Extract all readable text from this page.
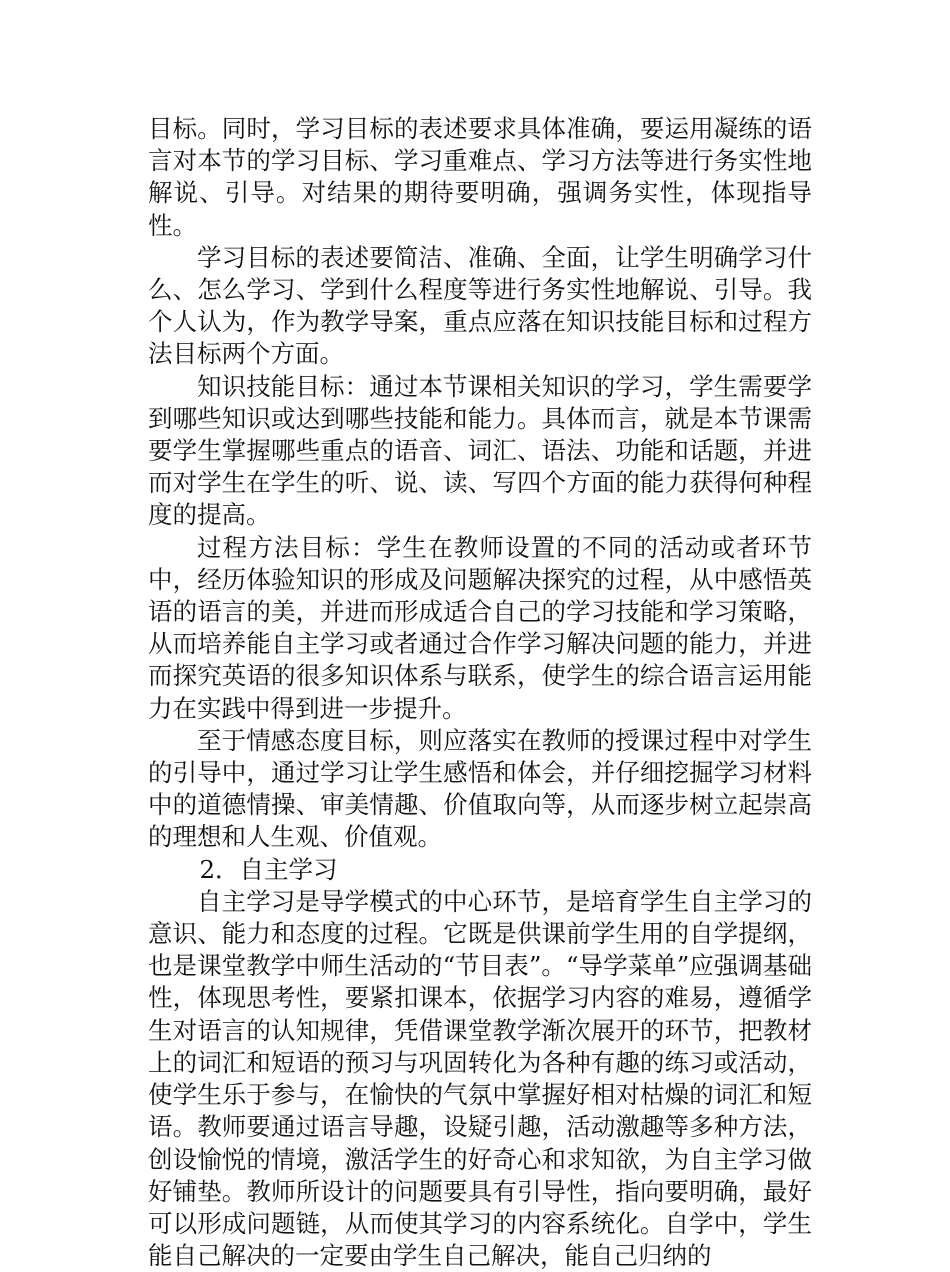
目标。同时，学习目标的表述要求具体准确，要运用凝练的语言对本节的学习目标、学习重难点、学习方法等进行务实性地解说、引导。对结果的期待要明确，强调务实性，体现指导性。

学习目标的表述要简洁、准确、全面，让学生明确学习什么、怎么学习、学到什么程度等进行务实性地解说、引导。我个人认为，作为教学导案，重点应落在知识技能目标和过程方法目标两个方面。

知识技能目标：通过本节课相关知识的学习，学生需要学到哪些知识或达到哪些技能和能力。具体而言，就是本节课需要学生掌握哪些重点的语音、词汇、语法、功能和话题，并进而对学生在学生的听、说、读、写四个方面的能力获得何种程度的提高。

过程方法目标：学生在教师设置的不同的活动或者环节中，经历体验知识的形成及问题解决探究的过程，从中感悟英语的语言的美，并进而形成适合自己的学习技能和学习策略，从而培养能自主学习或者通过合作学习解决问题的能力，并进而探究英语的很多知识体系与联系，使学生的综合语言运用能力在实践中得到进一步提升。

至于情感态度目标，则应落实在教师的授课过程中对学生的引导中，通过学习让学生感悟和体会，并仔细挖掘学习材料中的道德情操、审美情趣、价值取向等，从而逐步树立起崇高的理想和人生观、价值观。

2．自主学习

自主学习是导学模式的中心环节，是培育学生自主学习的意识、能力和态度的过程。它既是供课前学生用的自学提纲，也是课堂教学中师生活动的“节目表”。“导学菜单”应强调基础性，体现思考性，要紧扣课本，依据学习内容的难易，遵循学生对语言的认知规律，凭借课堂教学渐次展开的环节，把教材上的词汇和短语的预习与巩固转化为各种有趣的练习或活动，使学生乐于参与，在愉快的气氛中掌握好相对枯燥的词汇和短语。教师要通过语言导趣，设疑引趣，活动激趣等多种方法，创设愉悦的情境，激活学生的好奇心和求知欲，为自主学习做好铺垫。教师所设计的问题要具有引导性，指向要明确，最好可以形成问题链，从而使其学习的内容系统化。自学中，学生能自己解决的一定要由学生自己解决，能自己归纳的
